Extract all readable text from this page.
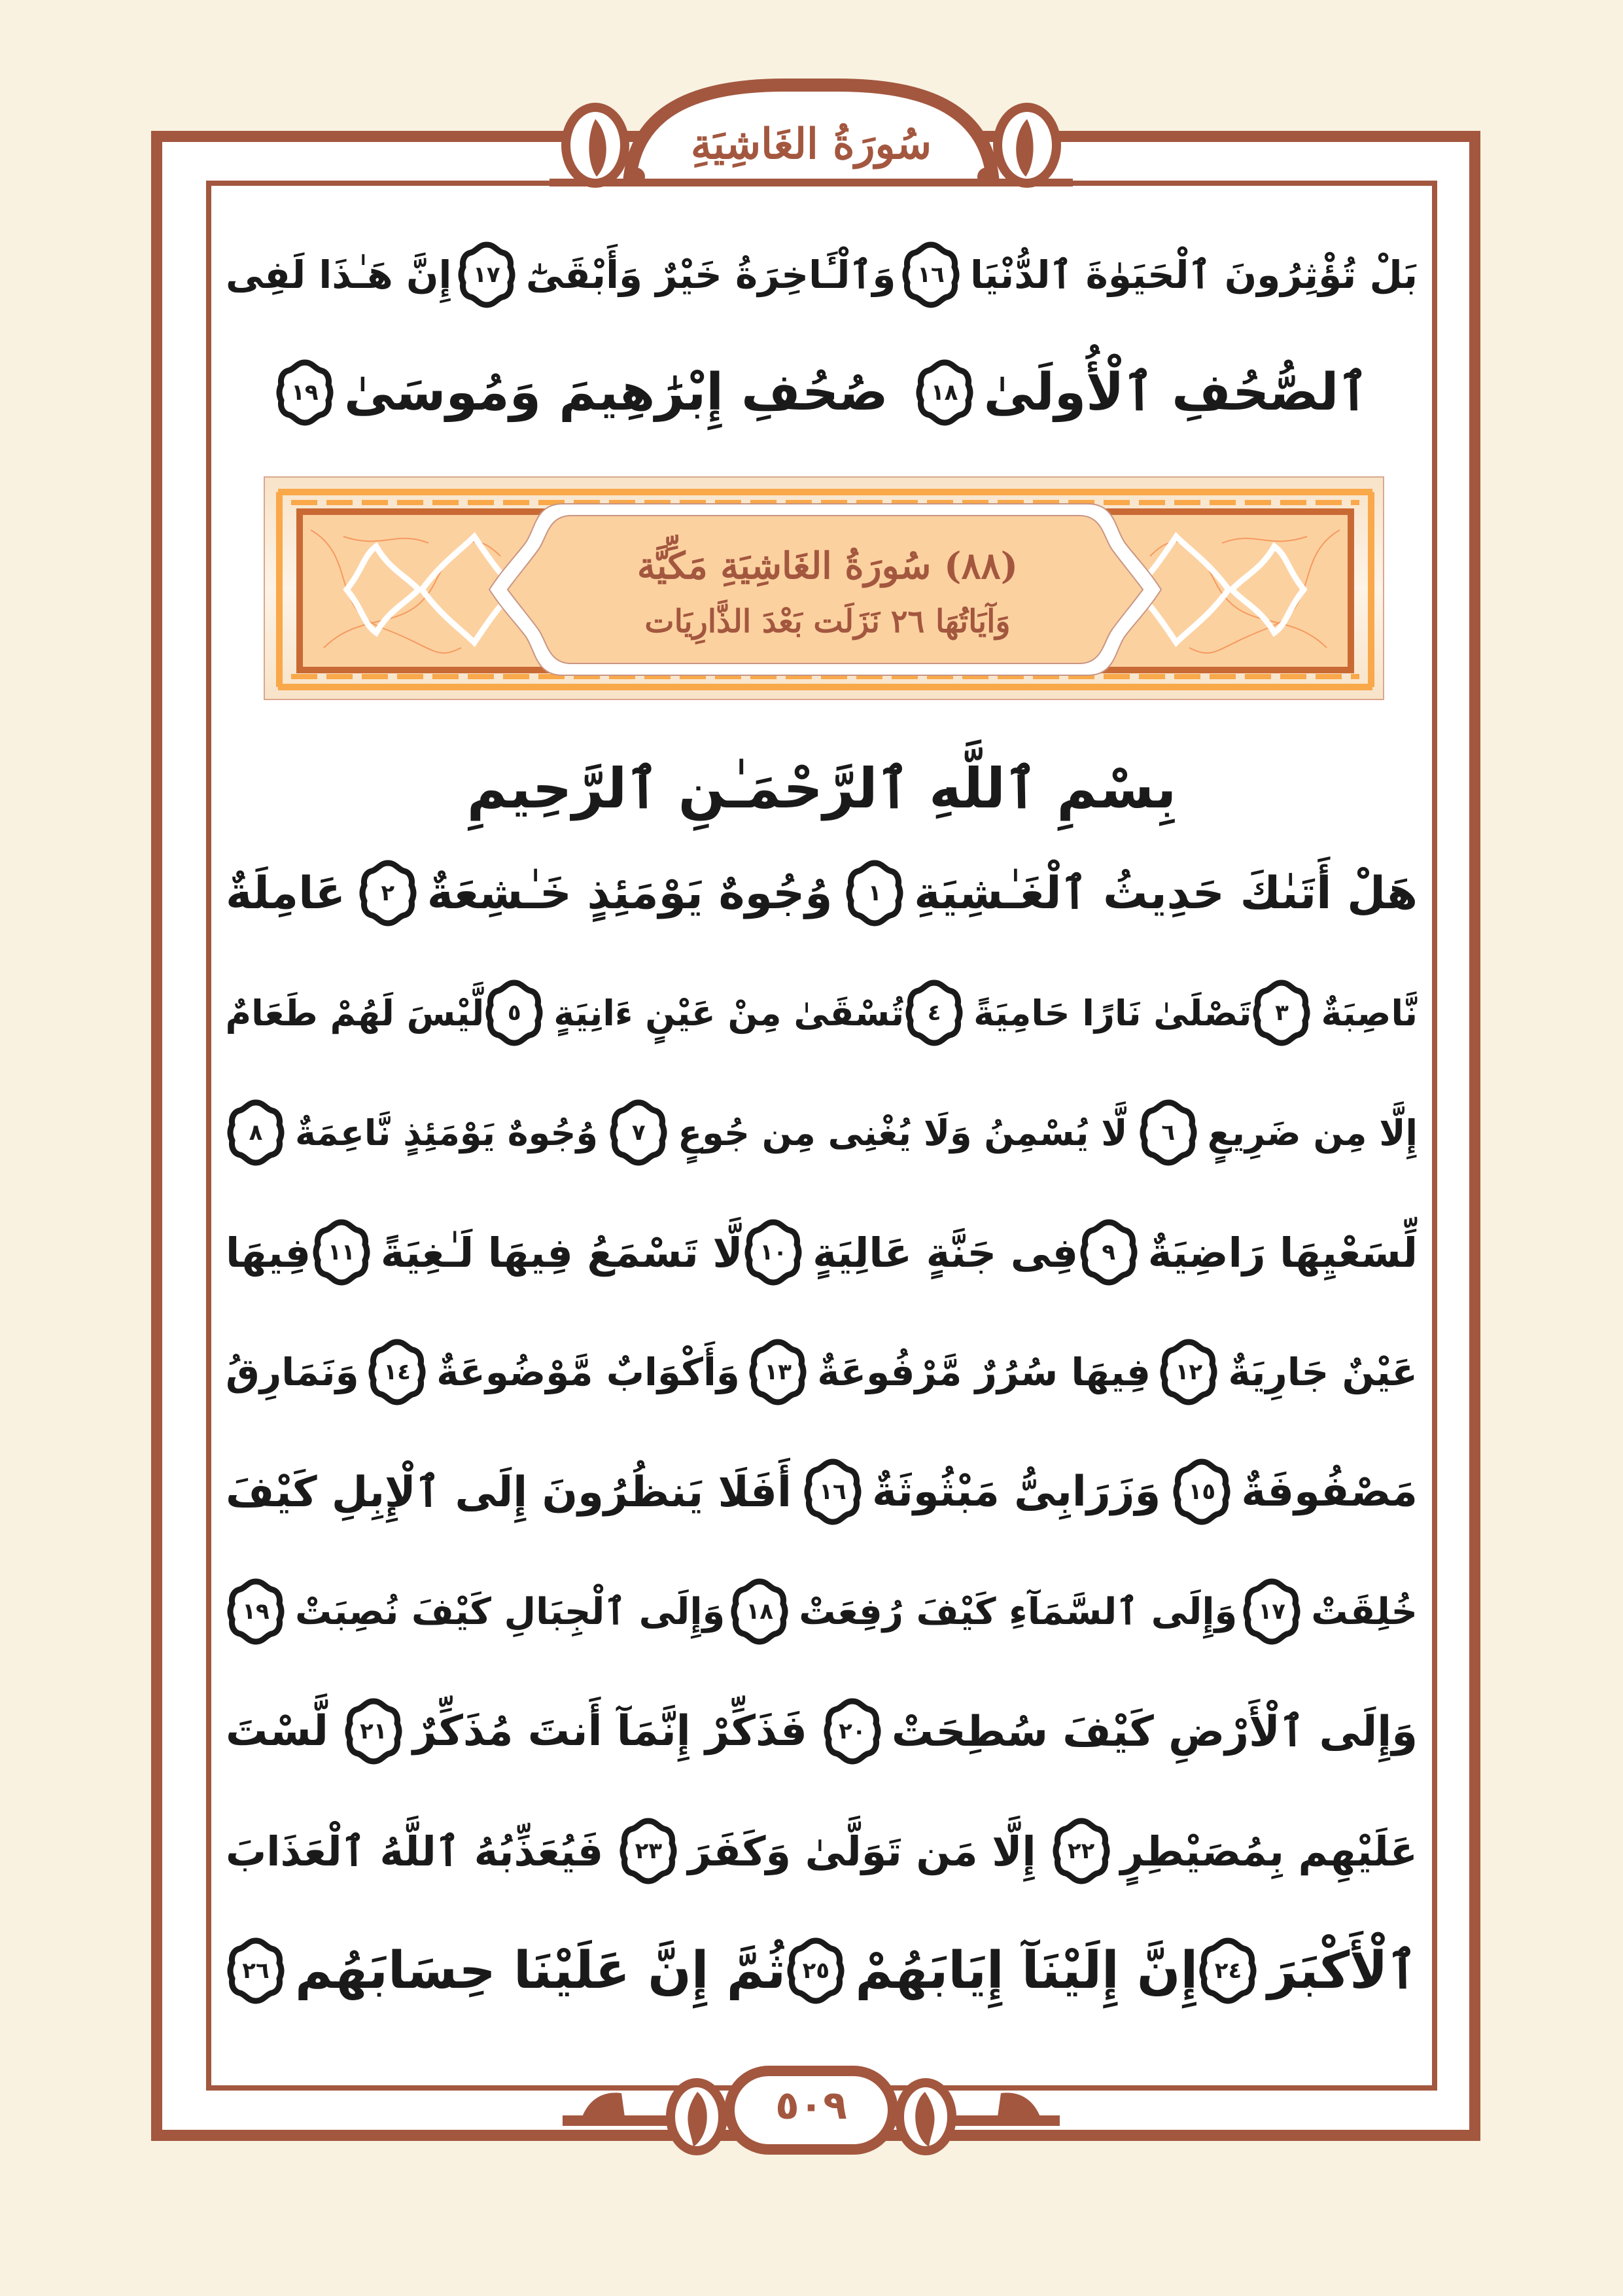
سُورَةُ الغَاشِيَةِ
بَلْ تُؤْثِرُونَ ٱلْحَيَوٰةَ ٱلدُّنْيَا
١٦
وَٱلْـَٔاخِرَةُ خَيْرٌ وَأَبْقَىٰٓ
١٧
إِنَّ هَـٰذَا لَفِى
ٱلصُّحُفِ ٱلْأُولَىٰ
١٨
صُحُفِ إِبْرَٰهِيمَ وَمُوسَىٰ
١٩
(٨٨) سُورَةُ الغَاشِيَةِ مَكِّيَّة
وَآيَاتُهَا ٢٦ نَزَلَت بَعْدَ الذَّارِيَات
بِسْمِ ٱللَّهِ ٱلرَّحْمَـٰنِ ٱلرَّحِيمِ
هَلْ أَتَىٰكَ حَدِيثُ ٱلْغَـٰشِيَةِ
١
وُجُوهٌ يَوْمَئِذٍ خَـٰشِعَةٌ
٢
عَامِلَةٌ
نَّاصِبَةٌ
٣
تَصْلَىٰ نَارًا حَامِيَةً
٤
تُسْقَىٰ مِنْ عَيْنٍ ءَانِيَةٍ
٥
لَّيْسَ لَهُمْ طَعَامٌ
إِلَّا مِن ضَرِيعٍ
٦
لَّا يُسْمِنُ وَلَا يُغْنِى مِن جُوعٍ
٧
وُجُوهٌ يَوْمَئِذٍ نَّاعِمَةٌ
٨
لِّسَعْيِهَا رَاضِيَةٌ
٩
فِى جَنَّةٍ عَالِيَةٍ
١٠
لَّا تَسْمَعُ فِيهَا لَـٰغِيَةً
١١
فِيهَا
عَيْنٌ جَارِيَةٌ
١٢
فِيهَا سُرُرٌ مَّرْفُوعَةٌ
١٣
وَأَكْوَابٌ مَّوْضُوعَةٌ
١٤
وَنَمَارِقُ
مَصْفُوفَةٌ
١٥
وَزَرَابِىُّ مَبْثُوثَةٌ
١٦
أَفَلَا يَنظُرُونَ إِلَى ٱلْإِبِلِ كَيْفَ
خُلِقَتْ
١٧
وَإِلَى ٱلسَّمَآءِ كَيْفَ رُفِعَتْ
١٨
وَإِلَى ٱلْجِبَالِ كَيْفَ نُصِبَتْ
١٩
وَإِلَى ٱلْأَرْضِ كَيْفَ سُطِحَتْ
٢٠
فَذَكِّرْ إِنَّمَآ أَنتَ مُذَكِّرٌ
٢١
لَّسْتَ
عَلَيْهِم بِمُصَيْطِرٍ
٢٢
إِلَّا مَن تَوَلَّىٰ وَكَفَرَ
٢٣
فَيُعَذِّبُهُ ٱللَّهُ ٱلْعَذَابَ
ٱلْأَكْبَرَ
٢٤
إِنَّ إِلَيْنَآ إِيَابَهُمْ
٢٥
ثُمَّ إِنَّ عَلَيْنَا حِسَابَهُم
٢٦
٥٠٩
